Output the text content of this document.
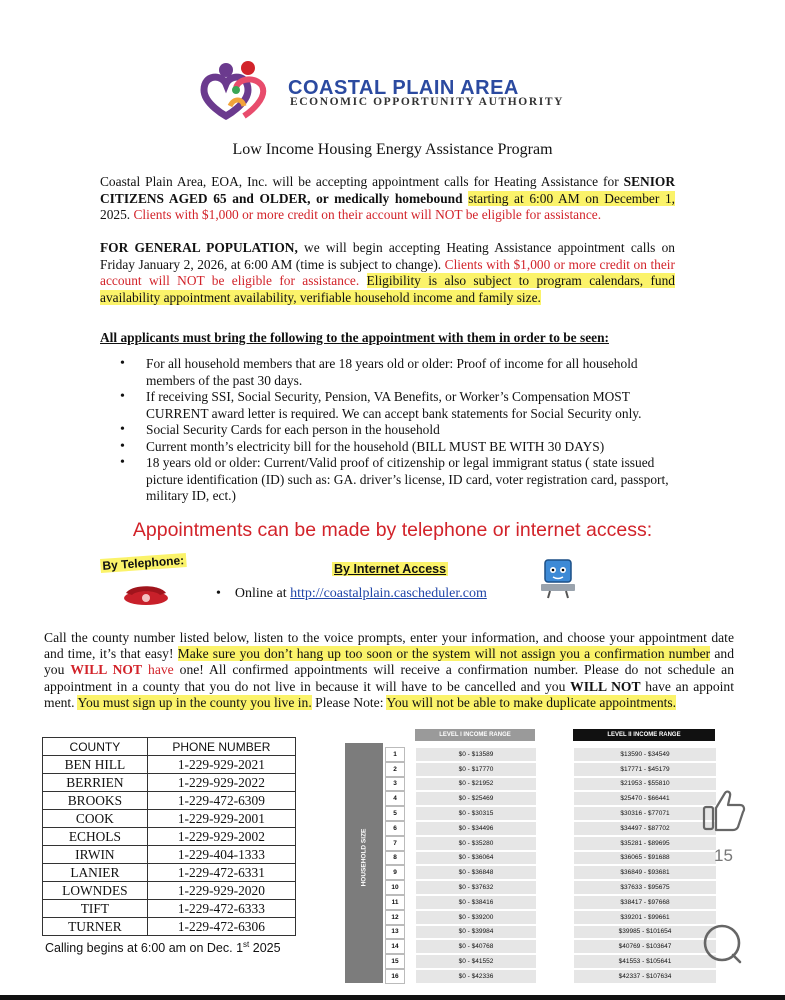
COASTAL PLAIN AREA
ECONOMIC OPPORTUNITY AUTHORITY
Low Income Housing Energy Assistance Program

Coastal Plain Area, EOA, Inc. will be accepting appointment calls for Heating Assistance for SENIOR CITIZENS AGED 65 and OLDER, or medically homebound starting at 6:00 AM on December 1, 2025. Clients with $1,000 or more credit on their account will NOT be eligible for assistance.

FOR GENERAL POPULATION, we will begin accepting Heating Assistance appointment calls on Friday January 2, 2026, at 6:00 AM (time is subject to change). Clients with $1,000 or more credit on their account will NOT be eligible for assistance. Eligibility is also subject to program calendars, fund availability appointment availability, verifiable household income and family size.

All applicants must bring the following to the appointment with them in order to be seen:
• For all household members that are 18 years old or older: Proof of income for all household members of the past 30 days.
• If receiving SSI, Social Security, Pension, VA Benefits, or Worker’s Compensation MOST CURRENT award letter is required. We can accept bank statements for Social Security only.
• Social Security Cards for each person in the household
• Current month’s electricity bill for the household (BILL MUST BE WITH 30 DAYS)
• 18 years old or older: Current/Valid proof of citizenship or legal immigrant status ( state issued picture identification (ID) such as: GA. driver’s license, ID card, voter registration card, passport, military ID, ect.)
Appointments can be made by telephone or internet access:
By Telephone:	By Internet Access
• Online at http://coastalplain.cascheduler.com

Call the county number listed below, listen to the voice prompts, enter your information, and choose your appointment date and time, it’s that easy! Make sure you don’t hang up too soon or the system will not assign you a confirmation number and you WILL NOT have one! All confirmed appointments will receive a confirmation number. Please do not schedule an appointment in a county that you do not live in because it will have to be cancelled and you WILL NOT have an appoint ment. You must sign up in the county you live in. Please Note: You will not be able to make duplicate appointments.

COUNTY	PHONE NUMBER
BEN HILL	1-229-929-2021
BERRIEN	1-229-929-2022
BROOKS	1-229-472-6309
COOK	1-229-929-2001
ECHOLS	1-229-929-2002
IRWIN	1-229-404-1333
LANIER	1-229-472-6331
LOWNDES	1-229-929-2020
TIFT	1-229-472-6333
TURNER	1-229-472-6306
Calling begins at 6:00 am on Dec. 1st 2025
HOUSEHOLD SIZE
LEVEL I INCOME RANGE	LEVEL II INCOME RANGE
1	$0 - $13589	$13590 - $34549
2	$0 - $17770	$17771 - $45179
3	$0 - $21952	$21953 - $55810
4	$0 - $25469	$25470 - $66441
5	$0 - $30315	$30316 - $77071
6	$0 - $34496	$34497 - $87702
7	$0 - $35280	$35281 - $89695
8	$0 - $36064	$36065 - $91688
9	$0 - $36848	$36849 - $93681
10	$0 - $37632	$37633 - $95675
11	$0 - $38416	$38417 - $97668
12	$0 - $39200	$39201 - $99661
13	$0 - $39984	$39985 - $101654
14	$0 - $40768	$40769 - $103647
15	$0 - $41552	$41553 - $105641
16	$0 - $42336	$42337 - $107634
15
